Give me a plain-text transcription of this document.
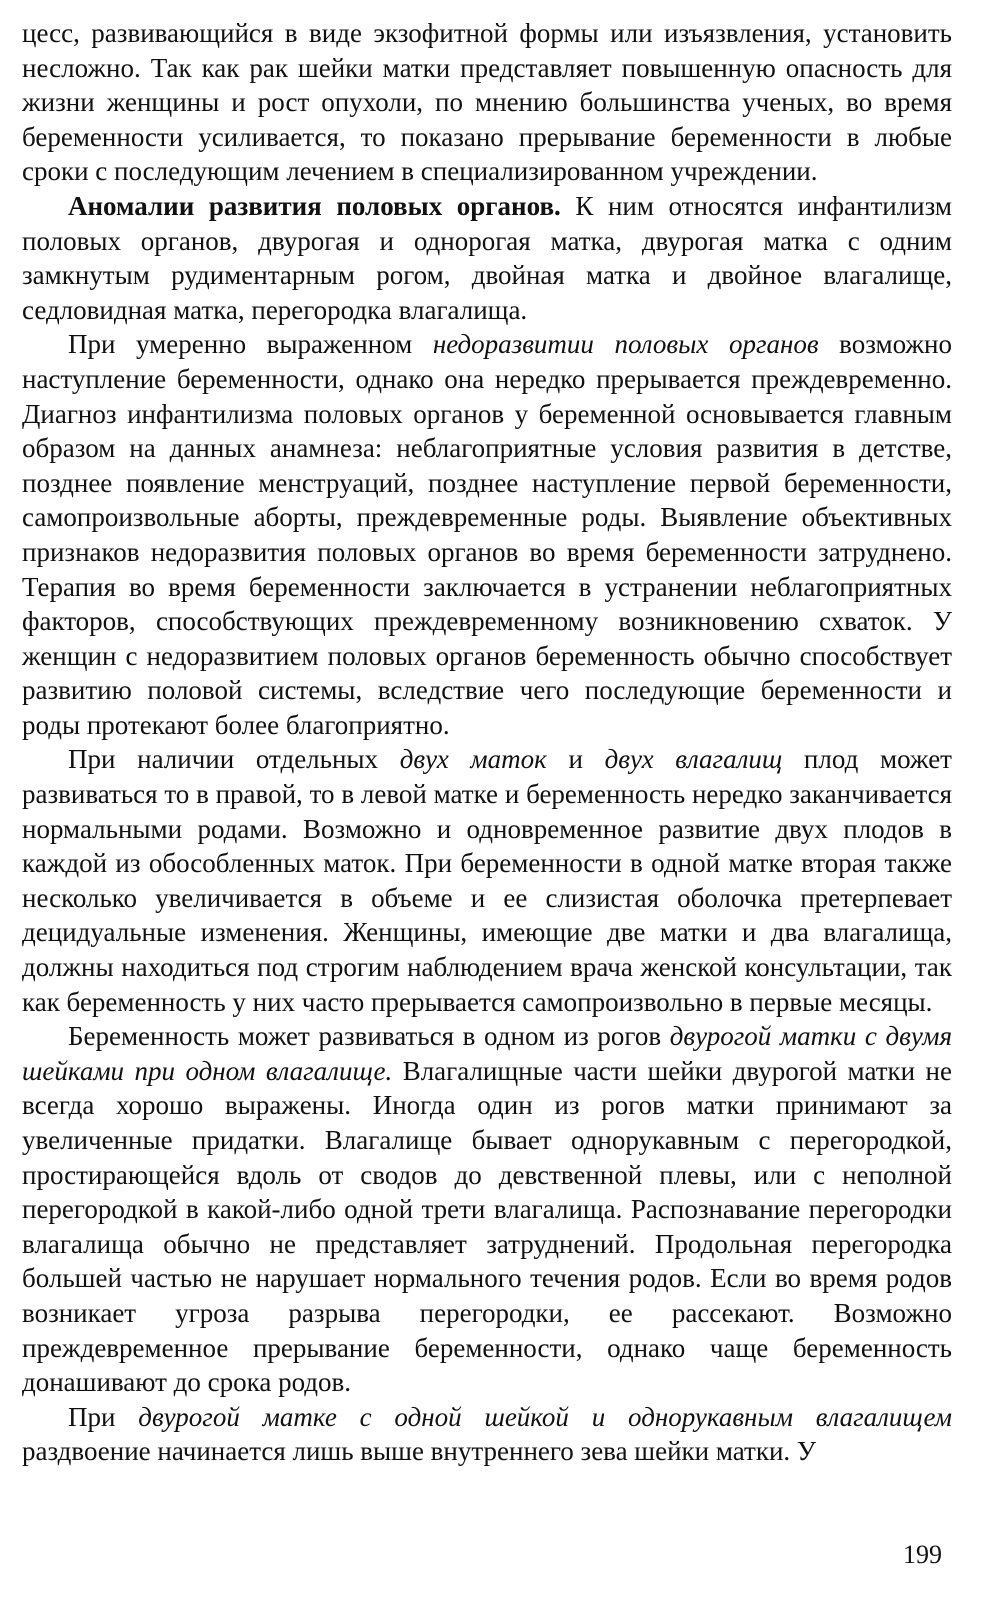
цесс, развивающийся в виде экзофитной формы или изъязвления, установить несложно. Так как рак шейки матки представляет повышенную опасность для жизни женщины и рост опухоли, по мнению большинства ученых, во время беременности усиливается, то показано прерывание беременности в любые сроки с последующим лечением в специализированном учреждении.

Аномалии развития половых органов. К ним относятся инфантилизм половых органов, двурогая и однорогая матка, двурогая матка с одним замкнутым рудиментарным рогом, двойная матка и двойное влагалище, седловидная матка, перегородка влагалища.

При умеренно выраженном недоразвитии половых органов возможно наступление беременности, однако она нередко прерывается преждевременно. Диагноз инфантилизма половых органов у беременной основывается главным образом на данных анамнеза: неблагоприятные условия развития в детстве, позднее появление менструаций, позднее наступление первой беременности, самопроизвольные аборты, преждевременные роды. Выявление объективных признаков недоразвития половых органов во время беременности затруднено. Терапия во время беременности заключается в устранении неблагоприятных факторов, способствующих преждевременному возникновению схваток. У женщин с недоразвитием половых органов беременность обычно способствует развитию половой системы, вследствие чего последующие беременности и роды протекают более благоприятно.

При наличии отдельных двух маток и двух влагалищ плод может развиваться то в правой, то в левой матке и беременность нередко заканчивается нормальными родами. Возможно и одновременное развитие двух плодов в каждой из обособленных маток. При беременности в одной матке вторая также несколько увеличивается в объеме и ее слизистая оболочка претерпевает децидуальные изменения. Женщины, имеющие две матки и два влагалища, должны находиться под строгим наблюдением врача женской консультации, так как беременность у них часто прерывается самопроизвольно в первые месяцы.

Беременность может развиваться в одном из рогов двурогой матки с двумя шейками при одном влагалище. Влагалищные части шейки двурогой матки не всегда хорошо выражены. Иногда один из рогов матки принимают за увеличенные придатки. Влагалище бывает однорукавным с перегородкой, простирающейся вдоль от сводов до девственной плевы, или с неполной перегородкой в какой-либо одной трети влагалища. Распознавание перегородки влагалища обычно не представляет затруднений. Продольная перегородка большей частью не нарушает нормального течения родов. Если во время родов возникает угроза разрыва перегородки, ее рассекают. Возможно преждевременное прерывание беременности, однако чаще беременность донашивают до срока родов.

При двурогой матке с одной шейкой и однорукавным влагалищем раздвоение начинается лишь выше внутреннего зева шейки матки. У

199
